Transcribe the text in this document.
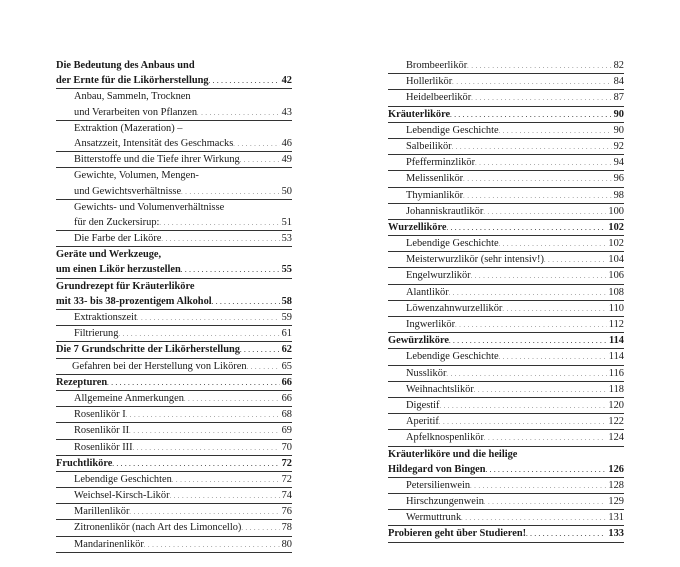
Die Bedeutung des Anbaus und
der Ernte für die Likörherstellung . . .	42
Anbau, Sammeln, Trocknen
und Verarbeiten von Pflanzen . . .	43
Extraktion (Mazeration) –
Ansatzzeit, Intensität des Geschmacks . . .	46
Bitterstoffe und die Tiefe ihrer Wirkung . . .	49
Gewichte, Volumen, Mengen-
und Gewichtsverhältnisse . . .	50
Gewichts- und Volumenverhältnisse
für den Zuckersirup: . . .	51
Die Farbe der Liköre . . .	53
Geräte und Werkzeuge,
um einen Likör herzustellen . . .	55
Grundrezept für Kräuterliköre
mit 33- bis 38-prozentigem Alkohol . . .	58
Extraktionszeit . . .	59
Filtrierung . . .	61
Die 7 Grundschritte der Likörherstellung . . .	62
Gefahren bei der Herstellung von Likören . . .	65
Rezepturen . . .	66
Allgemeine Anmerkungen . . .	66
Rosenlikör I . . .	68
Rosenlikör II . . .	69
Rosenlikör III . . .	70
Fruchtliköre . . .	72
Lebendige Geschichten . . .	72
Weichsel-Kirsch-Likör . . .	74
Marillenlikör . . .	76
Zitronenlikör (nach Art des Limoncello) . . .	78
Mandarinenlikör . . .	80
Brombeerlikör . . .	82
Hollerlikör . . .	84
Heidelbeerlikör . . .	87
Kräuterliköre . . .	90
Lebendige Geschichte . . .	90
Salbeilikör . . .	92
Pfefferminzlikör . . .	94
Melissenlikör . . .	96
Thymianlikör . . .	98
Johanniskrautlikör . . .	100
Wurzelliköre . . .	102
Lebendige Geschichte . . .	102
Meisterwurzlikör (sehr intensiv!) . . .	104
Engelwurzlikör . . .	106
Alantlikör . . .	108
Löwenzahnwurzellikör . . .	110
Ingwerlikör . . .	112
Gewürzliköre . . .	114
Lebendige Geschichte . . .	114
Nusslikör . . .	116
Weihnachtslikör . . .	118
Digestif . . .	120
Aperitif . . .	122
Apfelknospenlikör . . .	124
Kräuterliköre und die heilige
Hildegard von Bingen . . .	126
Petersilienwein . . .	128
Hirschzungenwein . . .	129
Wermuttrunk . . .	131
Probieren geht über Studieren! . . .	133
